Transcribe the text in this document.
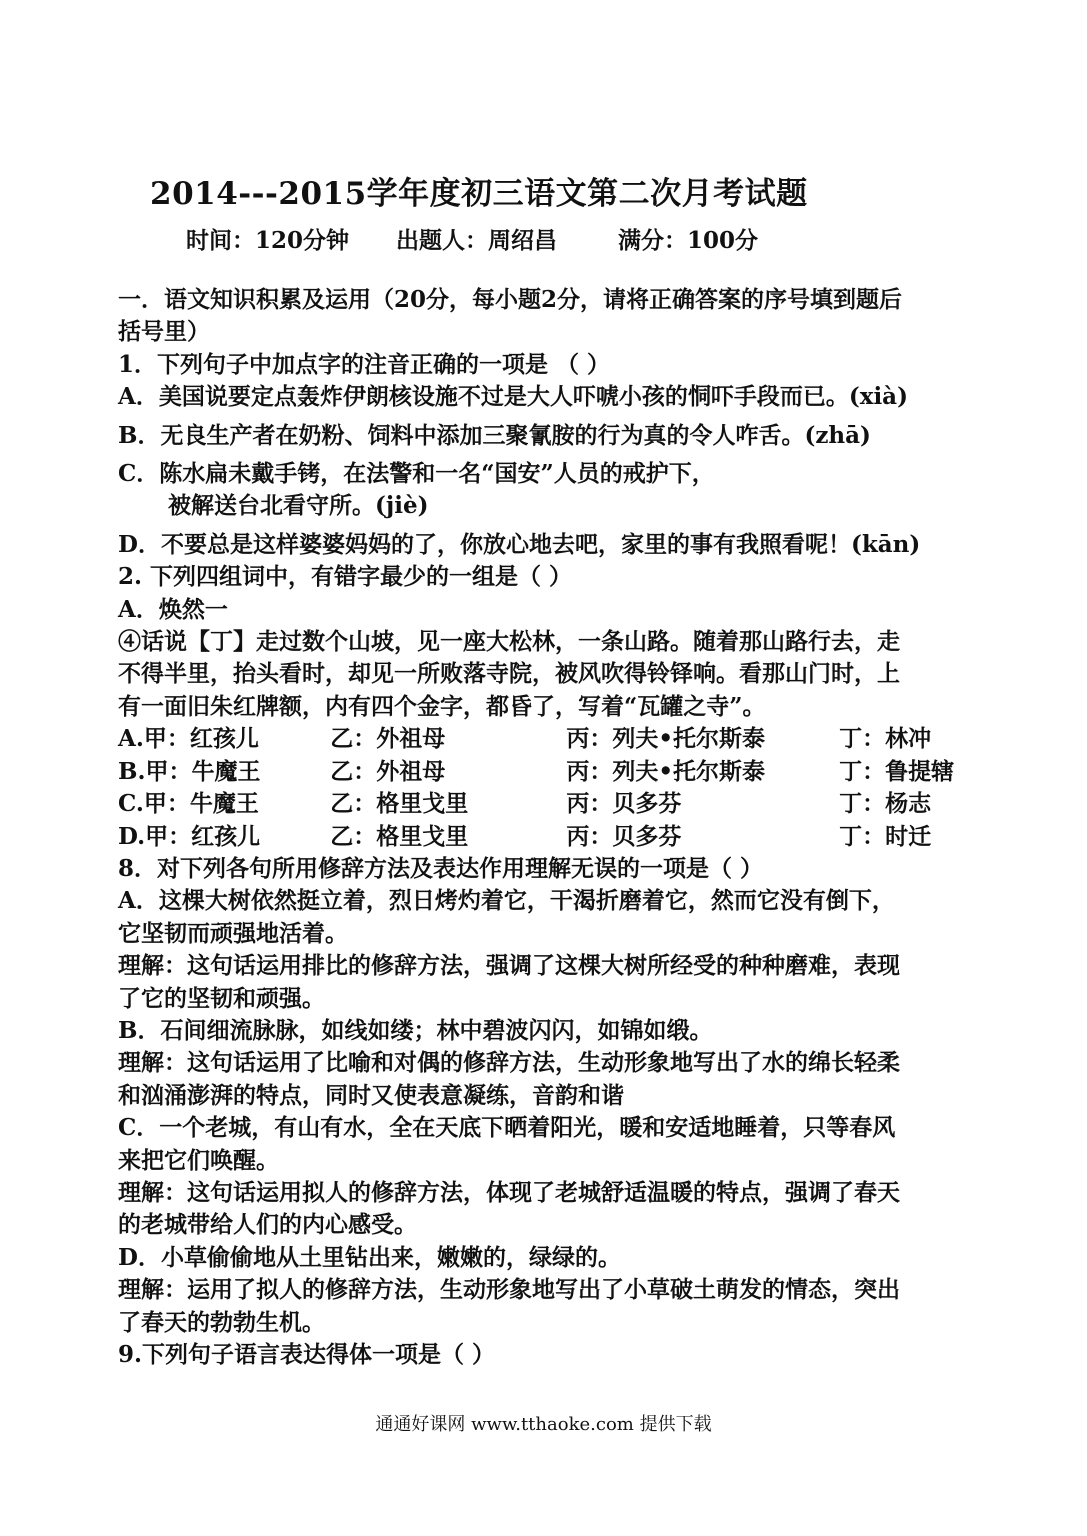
2014---2015学年度初三语文第二次月考试题
时间：120分钟 出题人：周绍昌	满分：100分
一．语文知识积累及运用（20分，每小题2分，请将正确答案的序号填到题后
括号里）
1．下列句子中加点字的注音正确的一项是 （ ）
A．美国说要定点轰炸伊朗核设施不过是大人吓唬小孩的恫吓手段而已。(xià)
B．无良生产者在奶粉、饲料中添加三聚氰胺的行为真的令人咋舌。(zhā)
C．陈水扁未戴手铐，在法警和一名“国安”人员的戒护下，
被解送台北看守所。(jiè)
D．不要总是这样婆婆妈妈的了，你放心地去吧，家里的事有我照看呢！(kān)
2. 下列四组词中，有错字最少的一组是（ ）
A．焕然一
④话说【丁】走过数个山坡，见一座大松林，一条山路。随着那山路行去，走
不得半里，抬头看时，却见一所败落寺院，被风吹得铃铎响。看那山门时，上
有一面旧朱红牌额，内有四个金字，都昏了，写着“瓦罐之寺”。
A.甲：红孩儿	乙：外祖母	丙：列夫•托尔斯泰	丁：林冲
B.甲：牛魔王	乙：外祖母	丙：列夫•托尔斯泰	丁：鲁提辖
C.甲：牛魔王	乙：格里戈里	丙：贝多芬	丁：杨志
D.甲：红孩儿	乙：格里戈里	丙：贝多芬	丁：时迁
8．对下列各句所用修辞方法及表达作用理解无误的一项是（ ）
A．这棵大树依然挺立着，烈日烤灼着它，干渴折磨着它，然而它没有倒下，
它坚韧而顽强地活着。
理解：这句话运用排比的修辞方法，强调了这棵大树所经受的种种磨难，表现
了它的坚韧和顽强。
B．石间细流脉脉，如线如缕；林中碧波闪闪，如锦如缎。
理解：这句话运用了比喻和对偶的修辞方法，生动形象地写出了水的绵长轻柔
和汹涌澎湃的特点，同时又使表意凝练，音韵和谐
C．一个老城，有山有水，全在天底下晒着阳光，暖和安适地睡着，只等春风
来把它们唤醒。
理解：这句话运用拟人的修辞方法，体现了老城舒适温暖的特点，强调了春天
的老城带给人们的内心感受。
D．小草偷偷地从土里钻出来，嫩嫩的，绿绿的。
理解：运用了拟人的修辞方法，生动形象地写出了小草破土萌发的情态，突出
了春天的勃勃生机。
9.下列句子语言表达得体一项是（ ）
通通好课网 www.tthaoke.com 提供下载
